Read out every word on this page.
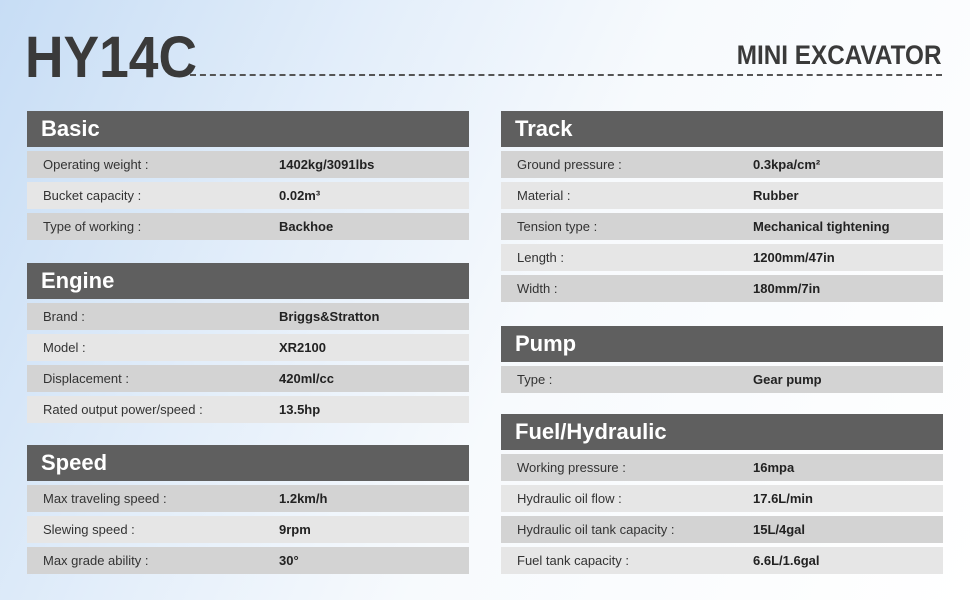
HY14C	MINI EXCAVATOR
Basic
Operating weight :	1402kg/3091lbs
Bucket capacity :	0.02m³
Type of working :	Backhoe
Engine
Brand :	Briggs&Stratton
Model :	XR2100
Displacement :	420ml/cc
Rated output power/speed :	13.5hp
Speed
Max traveling speed :	1.2km/h
Slewing speed :	9rpm
Max grade ability :	30°
Track
Ground pressure :	0.3kpa/cm²
Material :	Rubber
Tension type :	Mechanical tightening
Length :	1200mm/47in
Width :	180mm/7in
Pump
Type :	Gear pump
Fuel/Hydraulic
Working pressure :	16mpa
Hydraulic oil flow :	17.6L/min
Hydraulic oil tank capacity :	15L/4gal
Fuel tank capacity :	6.6L/1.6gal
